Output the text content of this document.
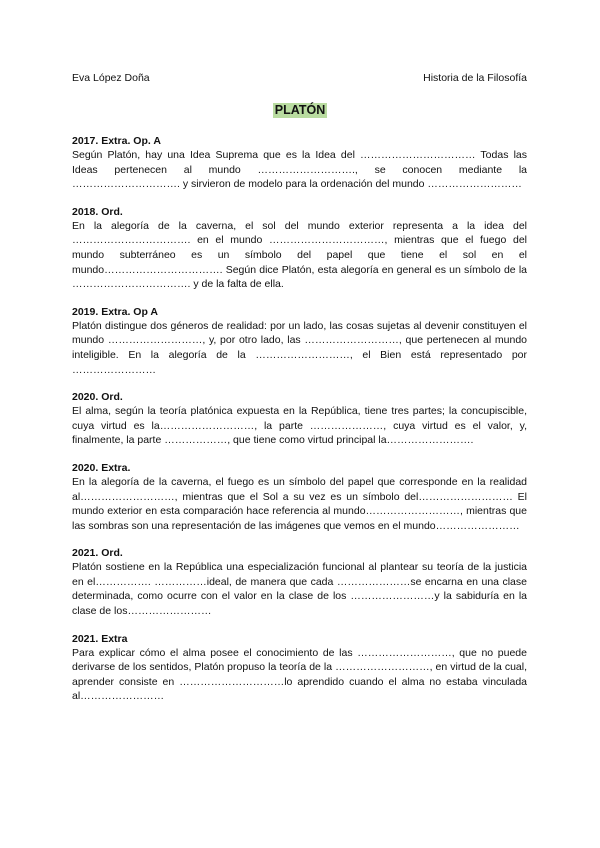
Eva López Doña	Historia de la Filosofía
PLATÓN
2017. Extra. Op. A

Según Platón, hay una Idea Suprema que es la Idea del …………………………… Todas las Ideas pertenecen al mundo ………………………., se conocen mediante la …………………………. y sirvieron de modelo para la ordenación del mundo ………………………

2018. Ord.

En la alegoría de la caverna, el sol del mundo exterior representa a la idea del ……………………………. en el mundo ……………………………, mientras que el fuego del mundo subterráneo es un símbolo del papel que tiene el sol en el mundo……………………………. Según dice Platón, esta alegoría en general es un símbolo de la ……………………………. y de la falta de ella.

2019. Extra. Op A

Platón distingue dos géneros de realidad: por un lado, las cosas sujetas al devenir constituyen el mundo ………………………, y, por otro lado, las ………………………, que pertenecen al mundo inteligible. En la alegoría de la ………………………, el Bien está representado por ……………………

2020. Ord.

El alma, según la teoría platónica expuesta en la República, tiene tres partes; la concupiscible, cuya virtud es la………………………, la parte …………………, cuya virtud es el valor, y, finalmente, la parte ………………, que tiene como virtud principal la…………………….

2020. Extra.

En la alegoría de la caverna, el fuego es un símbolo del papel que corresponde en la realidad al………………………, mientras que el Sol a su vez es un símbolo del……………………… El mundo exterior en esta comparación hace referencia al mundo………………………, mientras que las sombras son una representación de las imágenes que vemos en el mundo……………………

2021. Ord.

Platón sostiene en la República una especialización funcional al plantear su teoría de la justicia en el……………. ……………ideal, de manera que cada …………………se encarna en una clase determinada, como ocurre con el valor en la clase de los ……………………y la sabiduría en la clase de los……………………

2021. Extra

Para explicar cómo el alma posee el conocimiento de las ………………………, que no puede derivarse de los sentidos, Platón propuso la teoría de la ………………………, en virtud de la cual, aprender consiste en …………………………lo aprendido cuando el alma no estaba vinculada al……………………
